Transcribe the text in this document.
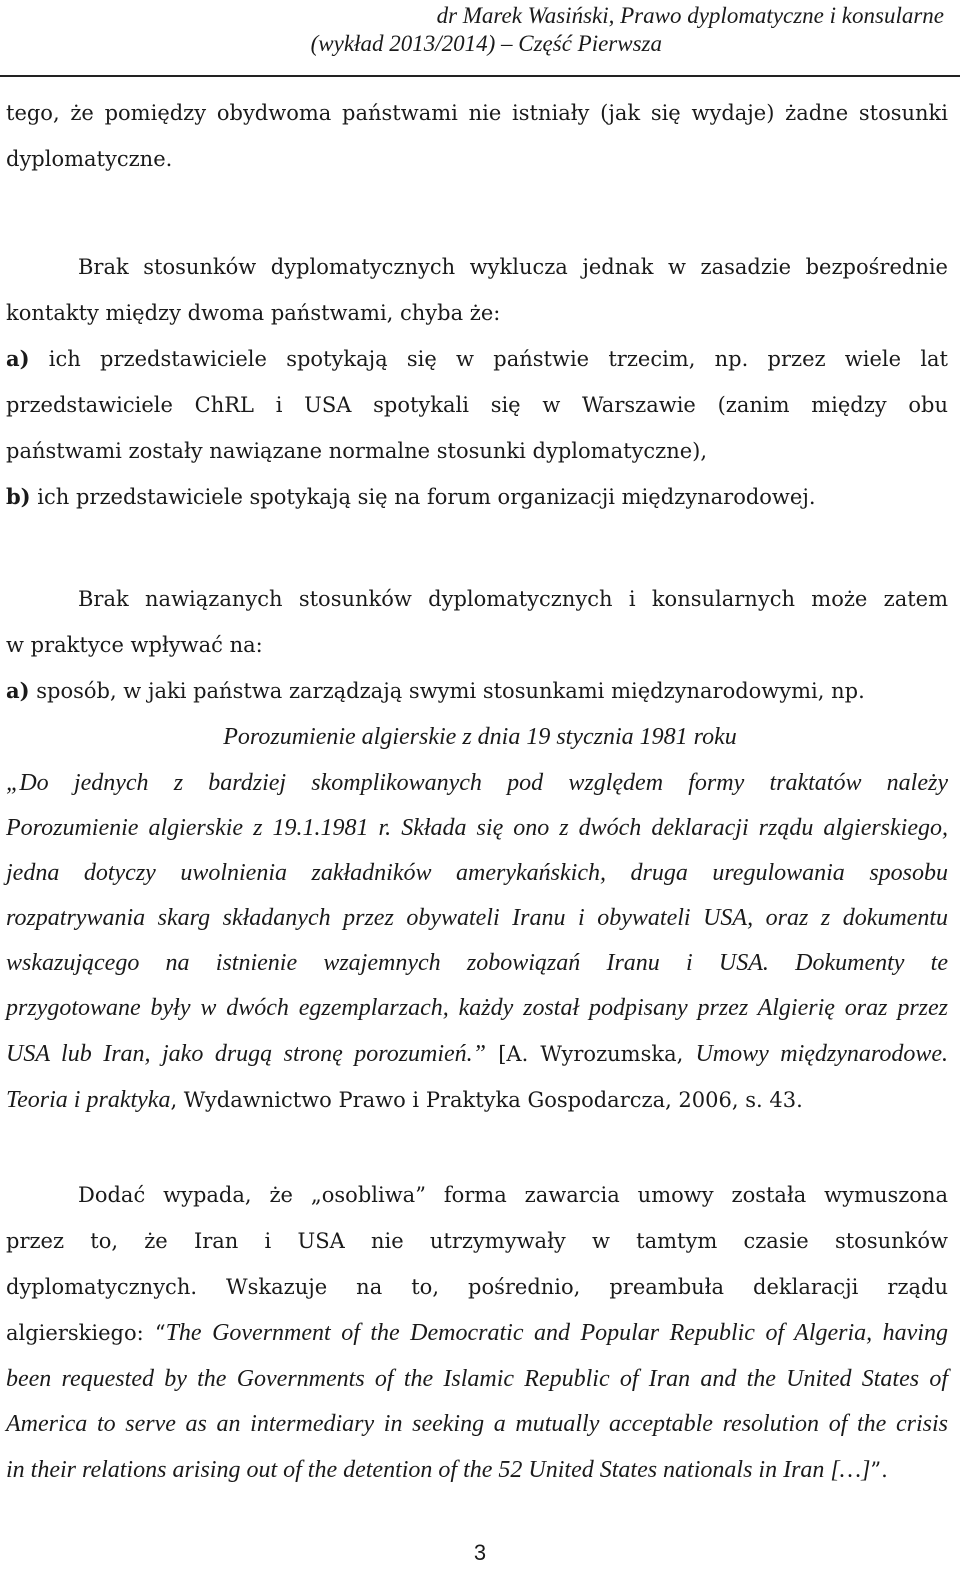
dr Marek Wasiński, Prawo dyplomatyczne i konsularne
(wykład 2013/2014) – Część Pierwsza
tego, że pomiędzy obydwoma państwami nie istniały (jak się wydaje) żadne stosunki
dyplomatyczne.
Brak stosunków dyplomatycznych wyklucza jednak w zasadzie bezpośrednie
kontakty między dwoma państwami, chyba że:
a) ich przedstawiciele spotykają się w państwie trzecim, np. przez wiele lat
przedstawiciele ChRL i USA spotykali się w Warszawie (zanim między obu
państwami zostały nawiązane normalne stosunki dyplomatyczne),
b) ich przedstawiciele spotykają się na forum organizacji międzynarodowej.
Brak nawiązanych stosunków dyplomatycznych i konsularnych może zatem
w praktyce wpływać na:
a) sposób, w jaki państwa zarządzają swymi stosunkami międzynarodowymi, np.
Porozumienie algierskie z dnia 19 stycznia 1981 roku
„Do jednych z bardziej skomplikowanych pod względem formy traktatów należy
Porozumienie algierskie z 19.1.1981 r. Składa się ono z dwóch deklaracji rządu algierskiego,
jedna dotyczy uwolnienia zakładników amerykańskich, druga uregulowania sposobu
rozpatrywania skarg składanych przez obywateli Iranu i obywateli USA, oraz z dokumentu
wskazującego na istnienie wzajemnych zobowiązań Iranu i USA. Dokumenty te
przygotowane były w dwóch egzemplarzach, każdy został podpisany przez Algierię oraz przez
USA lub Iran, jako drugą stronę porozumień.” [A. Wyrozumska, Umowy międzynarodowe.
Teoria i praktyka, Wydawnictwo Prawo i Praktyka Gospodarcza, 2006, s. 43.
Dodać wypada, że „osobliwa” forma zawarcia umowy została wymuszona
przez to, że Iran i USA nie utrzymywały w tamtym czasie stosunków
dyplomatycznych. Wskazuje na to, pośrednio, preambuła deklaracji rządu
algierskiego: “The Government of the Democratic and Popular Republic of Algeria, having
been requested by the Governments of the Islamic Republic of Iran and the United States of
America to serve as an intermediary in seeking a mutually acceptable resolution of the crisis
in their relations arising out of the detention of the 52 United States nationals in Iran […]”.
3
